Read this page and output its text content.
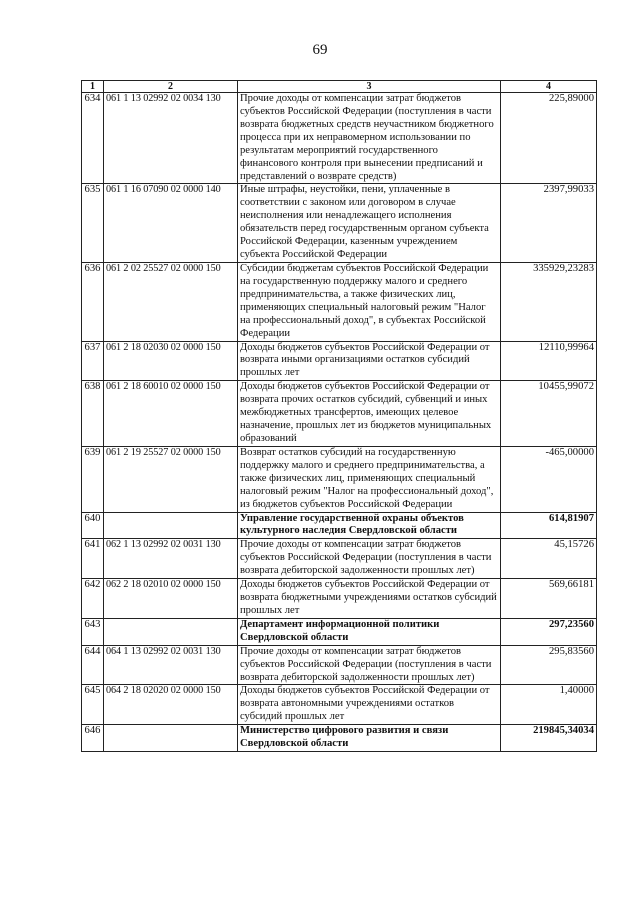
69
1	2	3	4
634	061 1 13 02992 02 0034 130	Прочие доходы от компенсации затрат бюджетов субъектов Российской Федерации (поступления в части возврата бюджетных средств неучастником бюджетного процесса при их неправомерном использовании по результатам мероприятий государственного финансового контроля при вынесении предписаний и представлений о возврате средств)	225,89000
635	061 1 16 07090 02 0000 140	Иные штрафы, неустойки, пени, уплаченные в соответствии с законом или договором в случае неисполнения или ненадлежащего исполнения обязательств перед государственным органом субъекта Российской Федерации, казенным учреждением субъекта Российской Федерации	2397,99033
636	061 2 02 25527 02 0000 150	Субсидии бюджетам субъектов Российской Федерации на государственную поддержку малого и среднего предпринимательства, а также физических лиц, применяющих специальный налоговый режим "Налог на профессиональный доход", в субъектах Российской Федерации	335929,23283
637	061 2 18 02030 02 0000 150	Доходы бюджетов субъектов Российской Федерации от возврата иными организациями остатков субсидий прошлых лет	12110,99964
638	061 2 18 60010 02 0000 150	Доходы бюджетов субъектов Российской Федерации от возврата прочих остатков субсидий, субвенций и иных межбюджетных трансфертов, имеющих целевое назначение, прошлых лет из бюджетов муниципальных образований	10455,99072
639	061 2 19 25527 02 0000 150	Возврат остатков субсидий на государственную поддержку малого и среднего предпринимательства, а также физических лиц, применяющих специальный налоговый режим "Налог на профессиональный доход", из бюджетов субъектов Российской Федерации	-465,00000
640		Управление государственной охраны объектов культурного наследия Свердловской области	614,81907
641	062 1 13 02992 02 0031 130	Прочие доходы от компенсации затрат бюджетов субъектов Российской Федерации (поступления в части возврата дебиторской задолженности прошлых лет)	45,15726
642	062 2 18 02010 02 0000 150	Доходы бюджетов субъектов Российской Федерации от возврата бюджетными учреждениями остатков субсидий прошлых лет	569,66181
643		Департамент информационной политики Свердловской области	297,23560
644	064 1 13 02992 02 0031 130	Прочие доходы от компенсации затрат бюджетов субъектов Российской Федерации (поступления в части возврата дебиторской задолженности прошлых лет)	295,83560
645	064 2 18 02020 02 0000 150	Доходы бюджетов субъектов Российской Федерации от возврата автономными учреждениями остатков субсидий прошлых лет	1,40000
646		Министерство цифрового развития и связи Свердловской области	219845,34034
